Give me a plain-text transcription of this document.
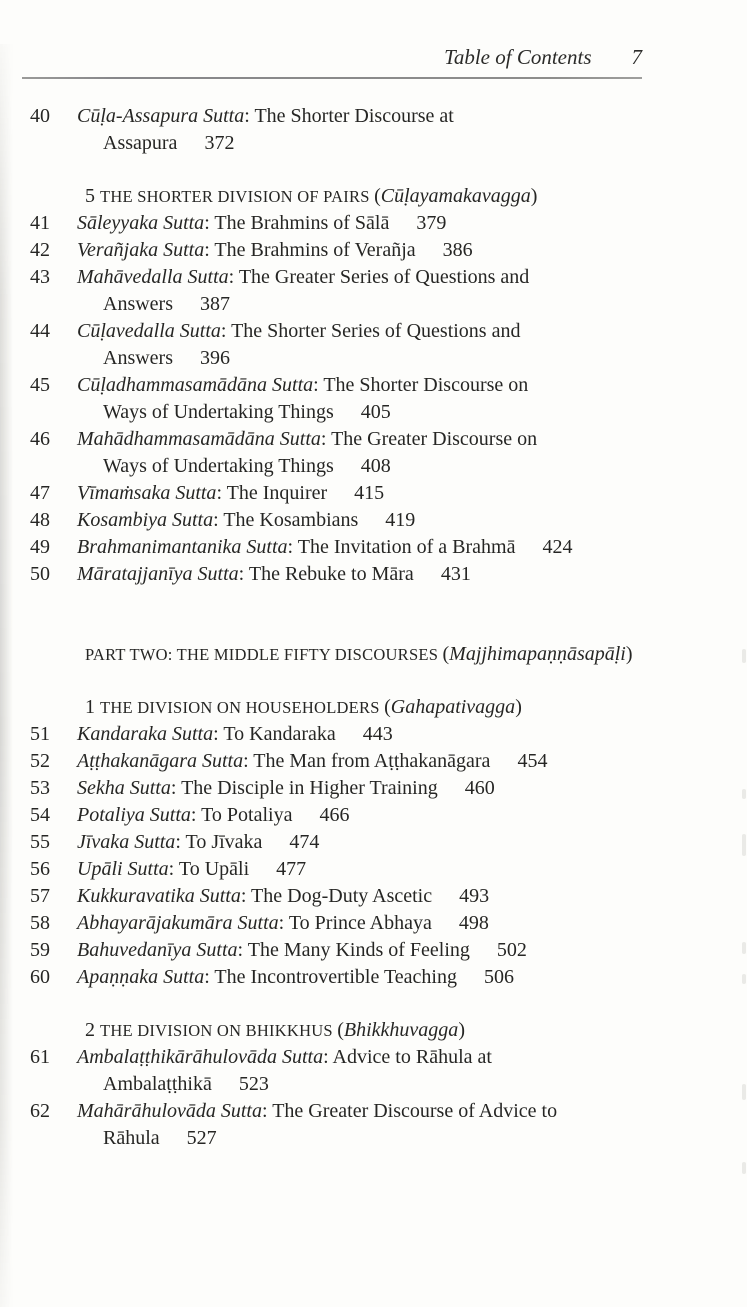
Table of Contents 7
40	Cūḷa-Assapura Sutta: The Shorter Discourse at
Assapura 372
5 THE SHORTER DIVISION OF PAIRS (Cūḷayamakavagga)
41	Sāleyyaka Sutta: The Brahmins of Sālā 379
42	Verañjaka Sutta: The Brahmins of Verañja 386
43	Mahāvedalla Sutta: The Greater Series of Questions and
Answers 387
44	Cūḷavedalla Sutta: The Shorter Series of Questions and
Answers 396
45	Cūḷadhammasamādāna Sutta: The Shorter Discourse on
Ways of Undertaking Things 405
46	Mahādhammasamādāna Sutta: The Greater Discourse on
Ways of Undertaking Things 408
47	Vīmaṁsaka Sutta: The Inquirer 415
48	Kosambiya Sutta: The Kosambians 419
49	Brahmanimantanika Sutta: The Invitation of a Brahmā 424
50	Māratajjanīya Sutta: The Rebuke to Māra 431
PART TWO: THE MIDDLE FIFTY DISCOURSES (Majjhimapaṇṇāsapāḷi)
1 THE DIVISION ON HOUSEHOLDERS (Gahapativagga)
51	Kandaraka Sutta: To Kandaraka 443
52	Aṭṭhakanāgara Sutta: The Man from Aṭṭhakanāgara 454
53	Sekha Sutta: The Disciple in Higher Training 460
54	Potaliya Sutta: To Potaliya 466
55	Jīvaka Sutta: To Jīvaka 474
56	Upāli Sutta: To Upāli 477
57	Kukkuravatika Sutta: The Dog-Duty Ascetic 493
58	Abhayarājakumāra Sutta: To Prince Abhaya 498
59	Bahuvedanīya Sutta: The Many Kinds of Feeling 502
60	Apaṇṇaka Sutta: The Incontrovertible Teaching 506
2 THE DIVISION ON BHIKKHUS (Bhikkhuvagga)
61	Ambalaṭṭhikārāhulovāda Sutta: Advice to Rāhula at
Ambalaṭṭhikā 523
62	Mahārāhulovāda Sutta: The Greater Discourse of Advice to
Rāhula 527
